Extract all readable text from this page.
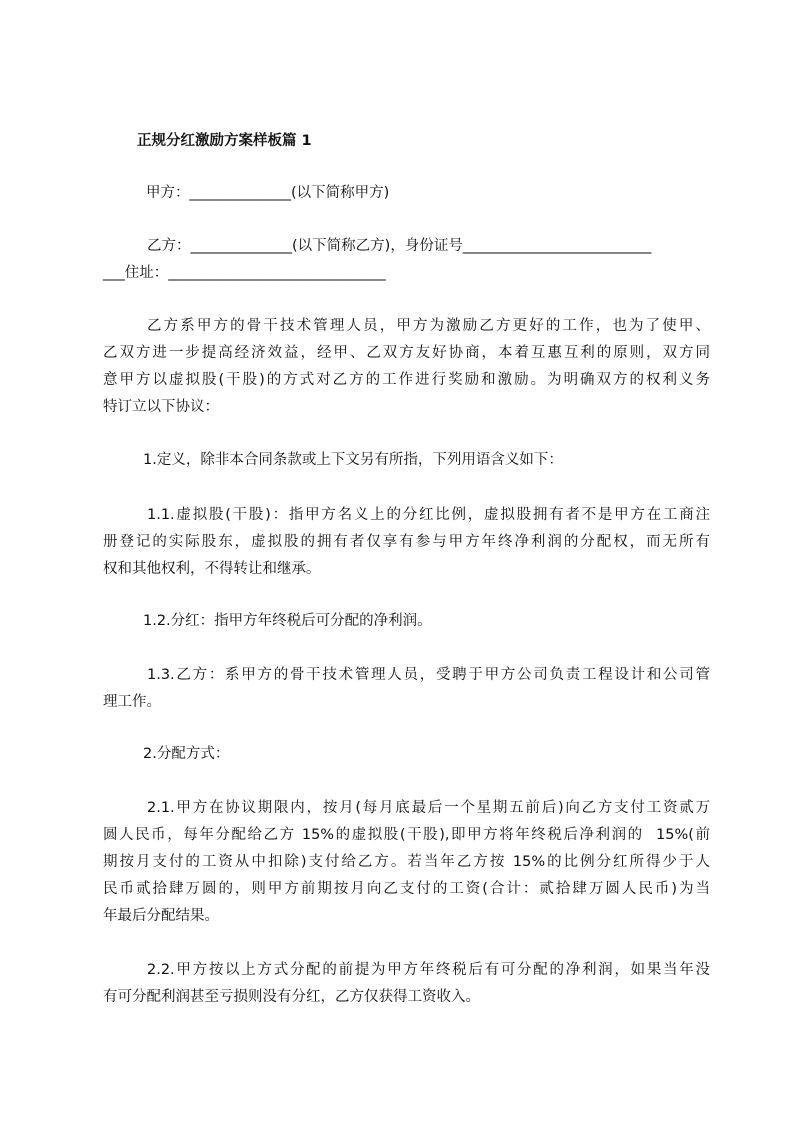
正规分红激励方案样板篇 1
甲方：______________(以下简称甲方)
乙方：______________(以下简称乙方)，身份证号__________________________
___住址：______________________________
乙方系甲方的骨干技术管理人员，甲方为激励乙方更好的工作，也为了使甲、
乙双方进一步提高经济效益，经甲、乙双方友好协商，本着互惠互利的原则，双方同
意甲方以虚拟股(干股)的方式对乙方的工作进行奖励和激励。为明确双方的权利义务
特订立以下协议：
1.定义，除非本合同条款或上下文另有所指，下列用语含义如下：
1.1.虚拟股(干股)：指甲方名义上的分红比例，虚拟股拥有者不是甲方在工商注
册登记的实际股东，虚拟股的拥有者仅享有参与甲方年终净利润的分配权，而无所有
权和其他权利，不得转让和继承。
1.2.分红：指甲方年终税后可分配的净利润。
1.3.乙方：系甲方的骨干技术管理人员，受聘于甲方公司负责工程设计和公司管
理工作。
2.分配方式：
2.1.甲方在协议期限内，按月(每月底最后一个星期五前后)向乙方支付工资贰万
圆人民币，每年分配给乙方 15%的虚拟股(干股),即甲方将年终税后净利润的  15%(前
期按月支付的工资从中扣除)支付给乙方。若当年乙方按 15%的比例分红所得少于人
民币贰拾肆万圆的，则甲方前期按月向乙支付的工资(合计：贰拾肆万圆人民币)为当
年最后分配结果。
2.2.甲方按以上方式分配的前提为甲方年终税后有可分配的净利润，如果当年没
有可分配利润甚至亏损则没有分红，乙方仅获得工资收入。
